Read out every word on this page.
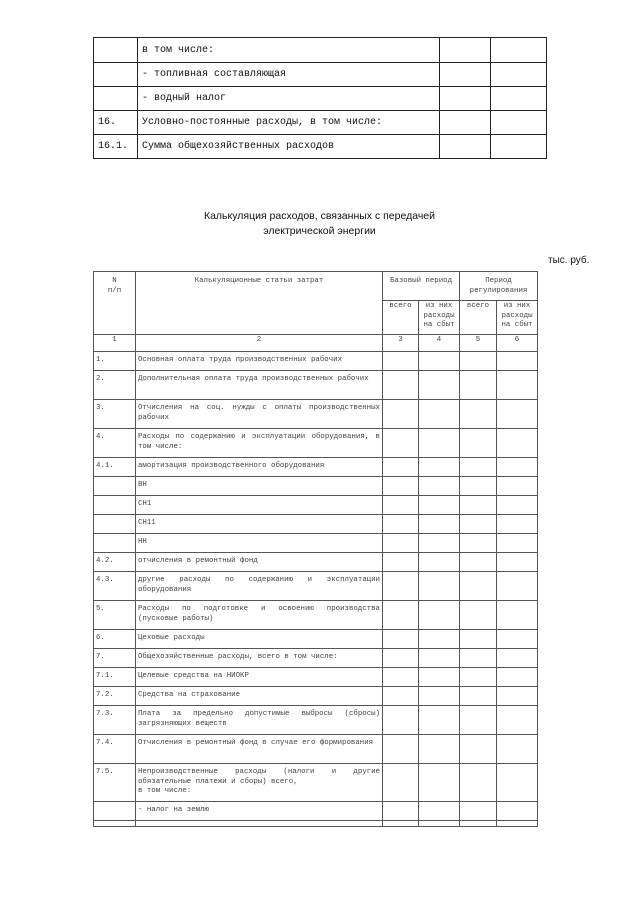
	в том числе:		
	- топливная составляющая		
	- водный налог		
16.	Условно-постоянные расходы, в том числе:		
16.1.	Сумма общехозяйственных расходов		
Калькуляция расходов, связанных с передачей
электрической энергии
тыс. руб.
N
п/п	Калькуляционные статьи затрат	Базовый период		Период регулирования	

		всего	из них расходы на сбыт	всего	из них расходы на сбыт

1	2	3	4	5	6
1.	Основная оплата труда производственных рабочих				
2.	Дополнительная оплата труда производственных рабочих				
3.	Отчисления на соц. нужды с оплаты производственных рабочих				
4.	Расходы по содержанию и эксплуатации оборудования, в том числе:				
4.1.	амортизация производственного оборудования				
	ВН				
	СН1				
	СН11				
	НН				
4.2.	отчисления в ремонтный фонд				
4.3.	другие расходы по содержанию и эксплуатации оборудования				
5.	Расходы по подготовке и освоению производства (пусковые работы)				
6.	Цеховые расходы				
7.	Общехозяйственные расходы, всего в том числе:				
7.1.	Целевые средства на НИОКР				
7.2.	Средства на страхование				
7.3.	Плата за предельно допустимые выбросы (сбросы) загрязняющих веществ				
7.4.	Отчисления в ремонтный фонд в случае его формирования				
7.5.	Непроизводственные расходы (налоги и другие обязательные платежи и сборы) всего,
в том числе:				
	- налог на землю				
